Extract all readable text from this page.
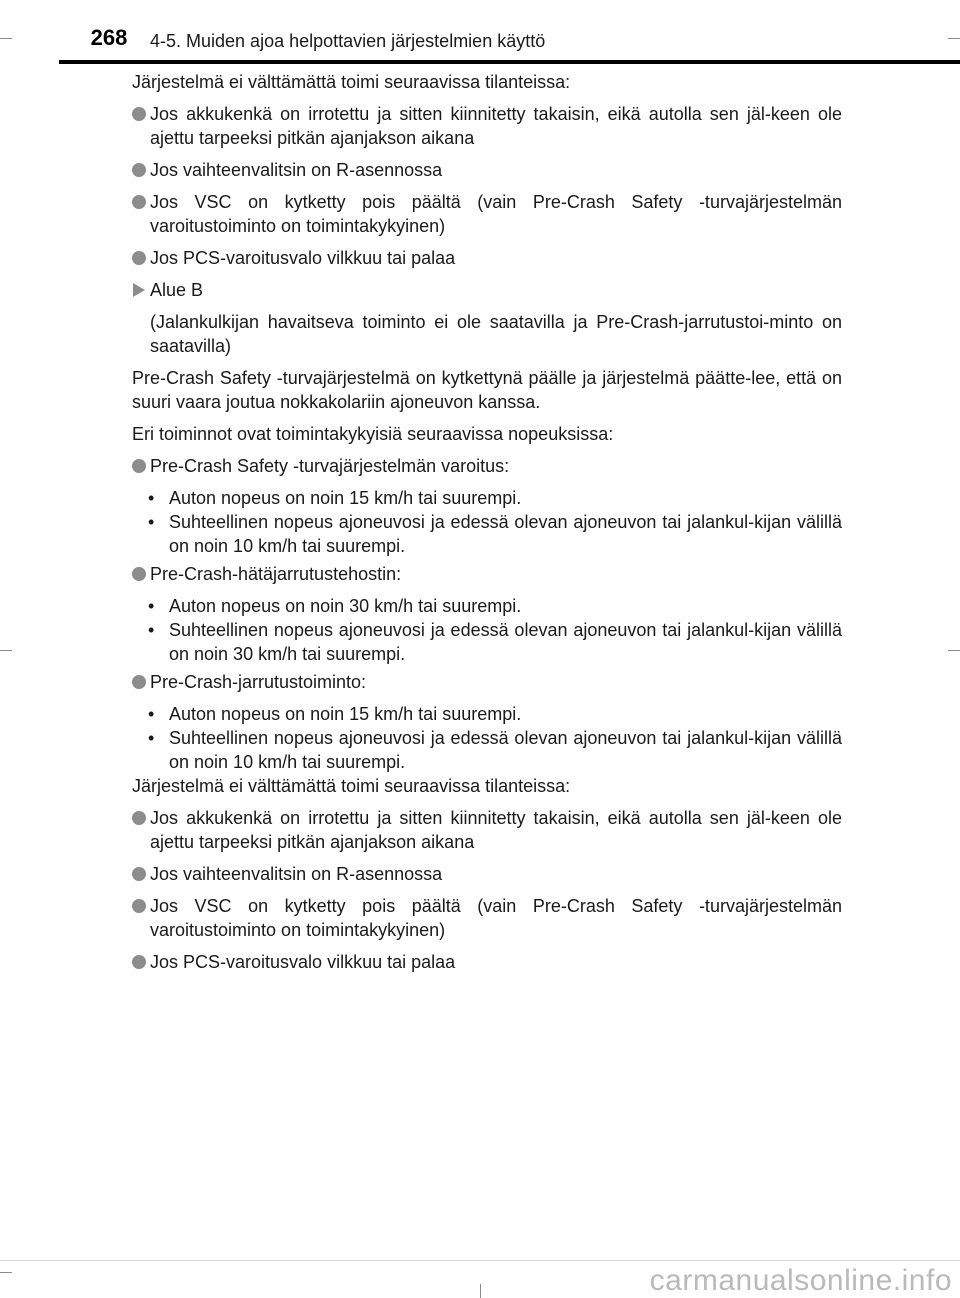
268	4-5. Muiden ajoa helpottavien järjestelmien käyttö

Järjestelmä ei välttämättä toimi seuraavissa tilanteissa:

Jos akkukenkä on irrotettu ja sitten kiinnitetty takaisin, eikä autolla sen jäl-keen ole ajettu tarpeeksi pitkän ajanjakson aikana
Jos vaihteenvalitsin on R-asennossa
Jos VSC on kytketty pois päältä (vain Pre-Crash Safety -turvajärjestelmän varoitustoiminto on toimintakykyinen)
Jos PCS-varoitusvalo vilkkuu tai palaa
Alue B

(Jalankulkijan havaitseva toiminto ei ole saatavilla ja Pre-Crash-jarrutustoi-minto on saatavilla)

Pre-Crash Safety -turvajärjestelmä on kytkettynä päälle ja järjestelmä päätte-lee, että on suuri vaara joutua nokkakolariin ajoneuvon kanssa.

Eri toiminnot ovat toimintakykyisiä seuraavissa nopeuksissa:

Pre-Crash Safety -turvajärjestelmän varoitus:

• Auton nopeus on noin 15 km/h tai suurempi.

• Suhteellinen nopeus ajoneuvosi ja edessä olevan ajoneuvon tai jalankul-kijan välillä on noin 10 km/h tai suurempi.

Pre-Crash-hätäjarrutustehostin:

• Auton nopeus on noin 30 km/h tai suurempi.

• Suhteellinen nopeus ajoneuvosi ja edessä olevan ajoneuvon tai jalankul-kijan välillä on noin 30 km/h tai suurempi.

Pre-Crash-jarrutustoiminto:

• Auton nopeus on noin 15 km/h tai suurempi.

• Suhteellinen nopeus ajoneuvosi ja edessä olevan ajoneuvon tai jalankul-kijan välillä on noin 10 km/h tai suurempi.

Järjestelmä ei välttämättä toimi seuraavissa tilanteissa:

Jos akkukenkä on irrotettu ja sitten kiinnitetty takaisin, eikä autolla sen jäl-keen ole ajettu tarpeeksi pitkän ajanjakson aikana
Jos vaihteenvalitsin on R-asennossa
Jos VSC on kytketty pois päältä (vain Pre-Crash Safety -turvajärjestelmän varoitustoiminto on toimintakykyinen)
Jos PCS-varoitusvalo vilkkuu tai palaa
carmanualsonline.info
